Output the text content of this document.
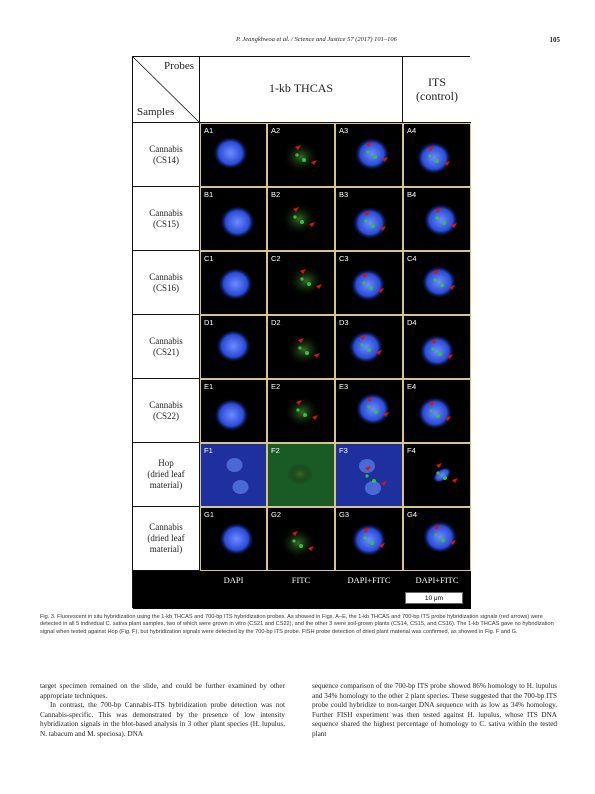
P. Jeangkhwoa et al. / Science and Justice 57 (2017) 101–106	105
Probes
Samples
1-kb THCAS	ITS
(control)
Cannabis
(CS14)
A1	A2	A3	A4
Cannabis
(CS15)
B1	B2	B3	B4
Cannabis
(CS16)
C1	C2	C3	C4
Cannabis
(CS21)
D1	D2	D3	D4
Cannabis
(CS22)
E1	E2	E3	E4
Hop
(dried leaf
material)
F1	F2	F3	F4
Cannabis
(dried leaf
material)
G1	G2	G3	G4
DAPI	FITC	DAPI+FITC	DAPI+FITC
10 μm
Fig. 3. Fluorescent in situ hybridization using the 1-kb THCAS and 700-bp ITS hybridization probes. As showed in Figs. A–E, the 1-kb THCAS and 700-bp ITS probe hybridization signals (red arrows) were detected in all 5 individual C. sativa plant samples, two of which were grown in vitro (CS21 and CS22), and the other 3 were soil-grown plants (CS14, CS15, and CS16). The 1-kb THCAS gave no hybridization signal when tested against Hop (Fig. F), but hybridization signals were detected by the 700-bp ITS probe. FISH probe detection of dried plant material was confirmed, as showed in Fig. F and G.
target specimen remained on the slide, and could be further examined by other appropriate techniques.
In contrast, the 700-bp Cannabis-ITS hybridization probe detection was not Cannabis-specific. This was demonstrated by the presence of low intensity hybridization signals in the blot-based analysis in 3 other plant species (H. lupulus, N. tabacum and M. speciosa). DNA
sequence comparison of the 700-bp ITS probe showed 86% homology to H. lupulus and 34% homology to the other 2 plant species. These suggested that the 700-bp ITS probe could hybridize to non-target DNA sequence with as low as 34% homology. Further FISH experiment was then tested against H. lupulus, whose ITS DNA sequence shared the highest percentage of homology to C. sativa within the tested plant
